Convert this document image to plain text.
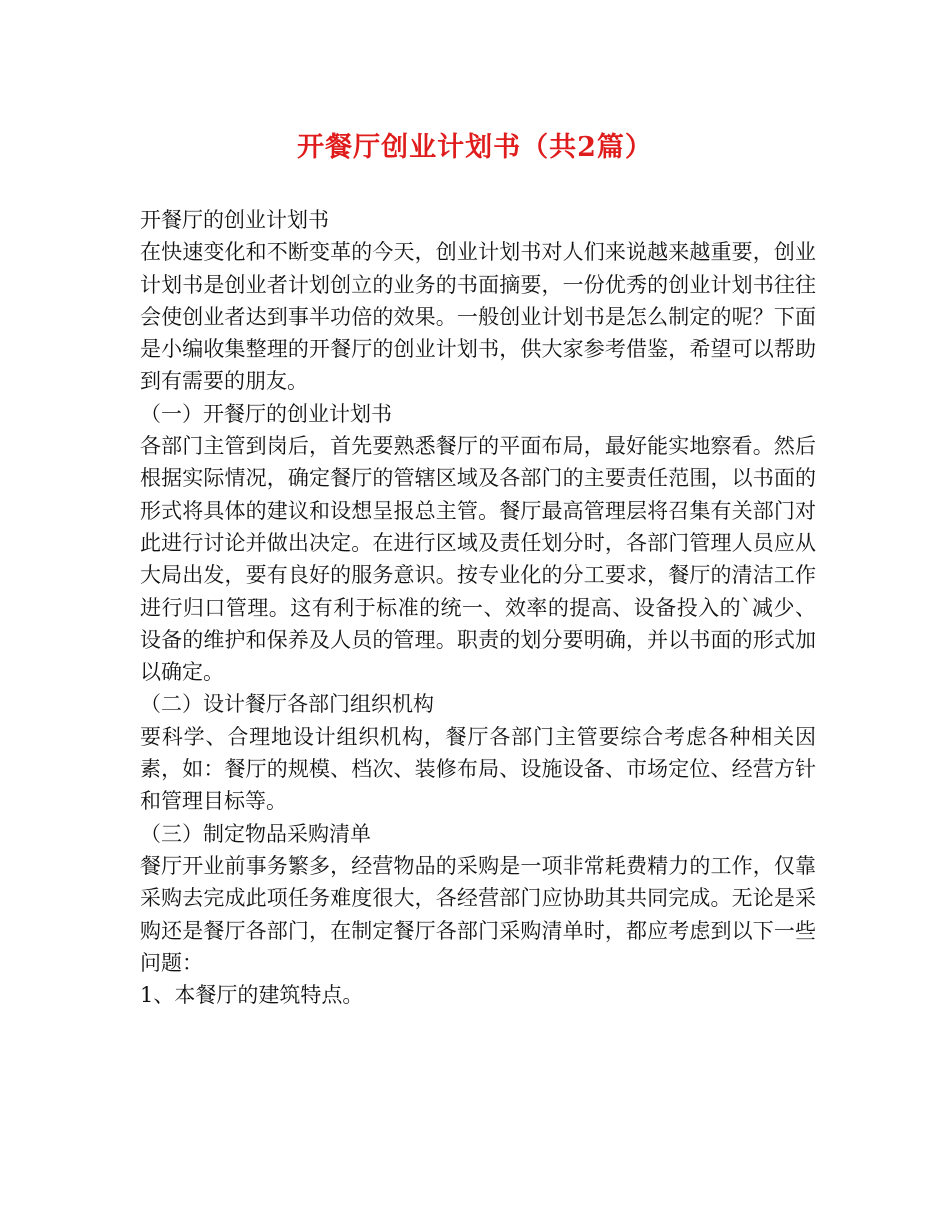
开餐厅创业计划书（共2篇）

开餐厅的创业计划书

在快速变化和不断变革的今天，创业计划书对人们来说越来越重要，创业计划书是创业者计划创立的业务的书面摘要，一份优秀的创业计划书往往会使创业者达到事半功倍的效果。一般创业计划书是怎么制定的呢？下面是小编收集整理的开餐厅的创业计划书，供大家参考借鉴，希望可以帮助到有需要的朋友。

（一）开餐厅的创业计划书

各部门主管到岗后，首先要熟悉餐厅的平面布局，最好能实地察看。然后根据实际情况，确定餐厅的管辖区域及各部门的主要责任范围，以书面的形式将具体的建议和设想呈报总主管。餐厅最高管理层将召集有关部门对此进行讨论并做出决定。在进行区域及责任划分时，各部门管理人员应从大局出发，要有良好的服务意识。按专业化的分工要求，餐厅的清洁工作进行归口管理。这有利于标准的统一、效率的提高、设备投入的`减少、设备的维护和保养及人员的管理。职责的划分要明确，并以书面的形式加以确定。

（二）设计餐厅各部门组织机构

要科学、合理地设计组织机构，餐厅各部门主管要综合考虑各种相关因素，如：餐厅的规模、档次、装修布局、设施设备、市场定位、经营方针和管理目标等。

（三）制定物品采购清单

餐厅开业前事务繁多，经营物品的采购是一项非常耗费精力的工作，仅靠采购去完成此项任务难度很大，各经营部门应协助其共同完成。无论是采购还是餐厅各部门，在制定餐厅各部门采购清单时，都应考虑到以下一些问题：

1、本餐厅的建筑特点。
